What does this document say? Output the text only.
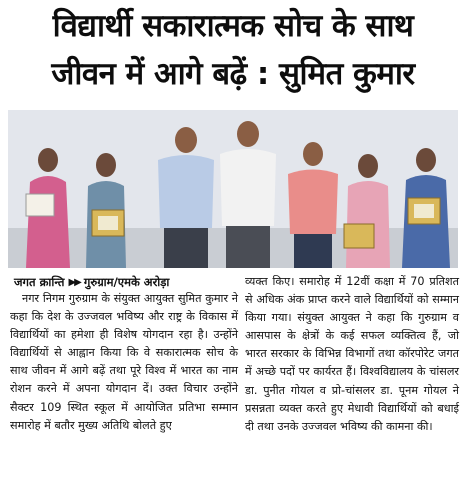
विद्यार्थी सकारात्मक सोच के साथ
जीवन में आगे बढ़ें : सुमित कुमार
जगत क्रान्ति ▶▶ गुरुग्राम/एमके अरोड़ा
नगर निगम गुरुग्राम के संयुक्त आयुक्त सुमित कुमार ने कहा कि देश के उज्जवल भविष्य और राष्ट्र के विकास में विद्यार्थियों का हमेशा ही विशेष योगदान रहा है। उन्होंने विद्यार्थियों से आह्वान किया कि वे सकारात्मक सोच के साथ जीवन में आगे बढ़ें तथा पूरे विश्व में भारत का नाम रोशन करने में अपना योगदान दें। उक्त विचार उन्होंने सैक्टर 109 स्थित स्कूल में आयोजित प्रतिभा सम्मान समारोह में बतौर मुख्य अतिथि बोलते हुए
व्यक्त किए। समारोह में 12वीं कक्षा में 70 प्रतिशत से अधिक अंक प्राप्त करने वाले विद्यार्थियों को सम्मान किया गया। संयुक्त आयुक्त ने कहा कि गुरुग्राम व आसपास के क्षेत्रों के कई सफल व्यक्तित्व हैं, जो भारत सरकार के विभिन्न विभागों तथा कॉरपोरेट जगत में अच्छे पदों पर कार्यरत हैं। विश्वविद्यालय के चांसलर डा. पुनीत गोयल व प्रो-चांसलर डा. पूनम गोयल ने प्रसन्नता व्यक्त करते हुए मेधावी विद्यार्थियों को बधाई दी तथा उनके उज्जवल भविष्य की कामना की।
